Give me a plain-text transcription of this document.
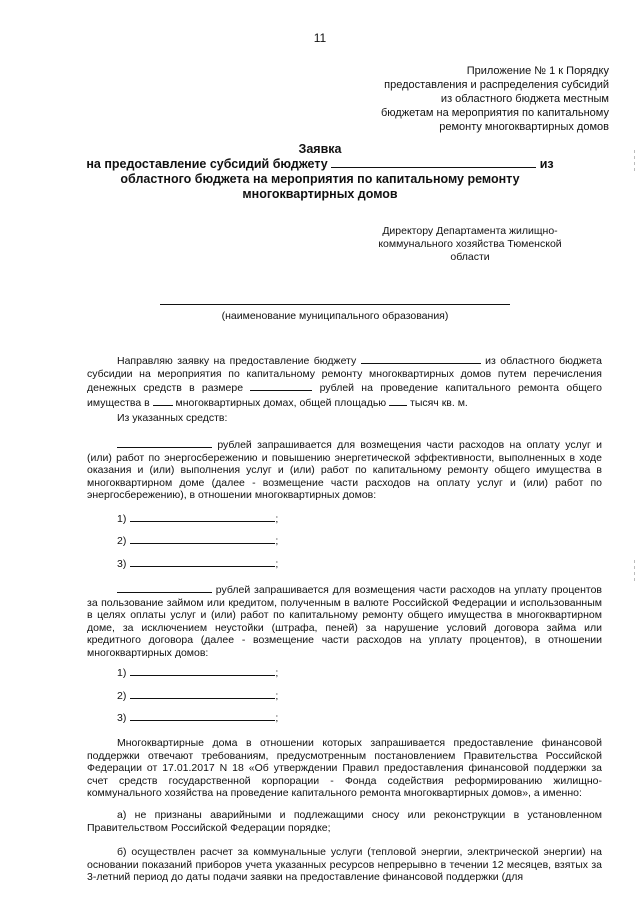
11
Приложение № 1 к Порядку
предоставления и распределения субсидий
из областного бюджета местным
бюджетам на мероприятия по капитальному
ремонту многоквартирных домов
Заявка
на предоставление субсидий бюджету	из
областного бюджета на мероприятия по капитальному ремонту
многоквартирных домов
Директору Департамента жилищно-
коммунального хозяйства Тюменской
области
(наименование муниципального образования)

Направляю заявку на предоставление бюджету	из областного бюджета субсидии на мероприятия по капитальному ремонту многоквартирных домов путем перечисления денежных средств в размере	рублей на проведение капитального ремонта общего имущества в многоквартирных домах, общей площадью тысяч кв. м.

Из указанных средств:

рублей запрашивается для возмещения части расходов на оплату услуг и (или) работ по энергосбережению и повышению энергетической эффективности, выполненных в ходе оказания и (или) выполнения услуг и (или) работ по капитальному ремонту общего имущества в многоквартирном доме (далее - возмещение части расходов на оплату услуг и (или) работ по энергосбережению), в отношении многоквартирных домов:

1)	;
2)	;
3)	;

рублей запрашивается для возмещения части расходов на уплату процентов за пользование займом или кредитом, полученным в валюте Российской Федерации и использованным в целях оплаты услуг и (или) работ по капитальному ремонту общего имущества в многоквартирном доме, за исключением неустойки (штрафа, пеней) за нарушение условий договора займа или кредитного договора (далее - возмещение части расходов на уплату процентов), в отношении многоквартирных домов:

1)	;
2)	;
3)	;

Многоквартирные дома в отношении которых запрашивается предоставление финансовой поддержки отвечают требованиям, предусмотренным постановлением Правительства Российской Федерации от 17.01.2017 N 18 «Об утверждении Правил предоставления финансовой поддержки за счет средств государственной корпорации - Фонда содействия реформированию жилищно-коммунального хозяйства на проведение капитального ремонта многоквартирных домов», а именно:

а) не признаны аварийными и подлежащими сносу или реконструкции в установленном Правительством Российской Федерации порядке;

б) осуществлен расчет за коммунальные услуги (тепловой энергии, электрической энергии) на основании показаний приборов учета указанных ресурсов непрерывно в течении 12 месяцев, взятых за 3-летний период до даты подачи заявки на предоставление финансовой поддержки (для
